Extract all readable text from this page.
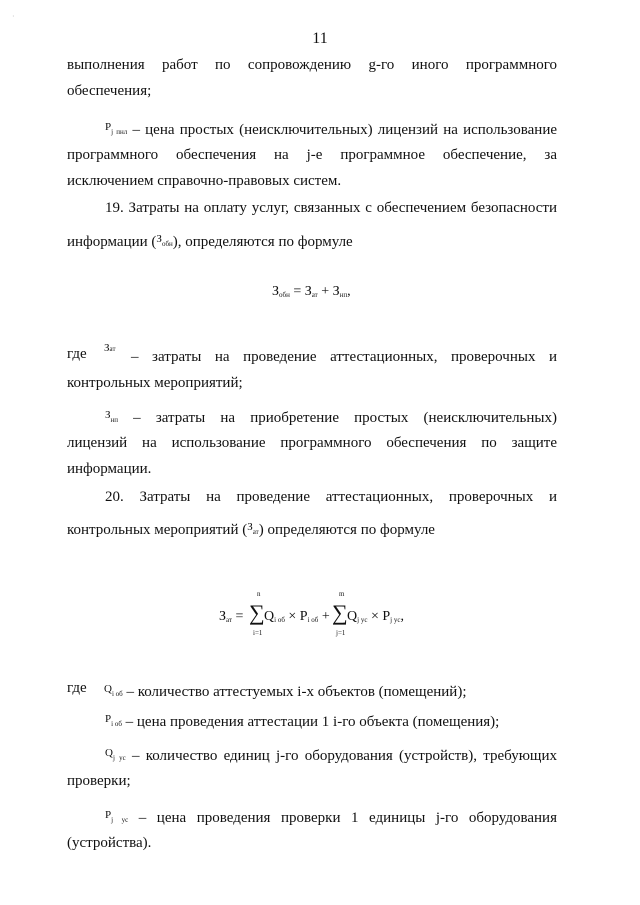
·
11

выполнения работ по сопровождению g-го иного программного

обеспечения;

$^P$j пнл – цена простых (неисключительных) лицензий на использование

программного обеспечения на j-е программное обеспечение, за

исключением справочно-правовых систем.

19. Затраты на оплату услуг, связанных с обеспечением безопасности

информации ($^З$обн), определяются по формуле

Зобн = Зат + Знп,
где Зат – затраты на проведение аттестационных, проверочных и

контрольных мероприятий;

$^З$нп – затраты на приобретение простых (неисключительных)

лицензий на использование программного обеспечения по защите

информации.

20. Затраты на проведение аттестационных, проверочных и

контрольных мероприятий ($^З$ат) определяются по формуле

Зат =
n
∑
i=1
Qi об × Pi об +
m
∑
j=1
Qj ус × Pj ус,
где $^Q$i об – количество аттестуемых i-х объектов (помещений);

$^P$i об – цена проведения аттестации 1 i-го объекта (помещения);

$^Q$j ус – количество единиц j-го оборудования (устройств), требующих

проверки;

$^P$j ус – цена проведения проверки 1 единицы j-го оборудования

(устройства).
